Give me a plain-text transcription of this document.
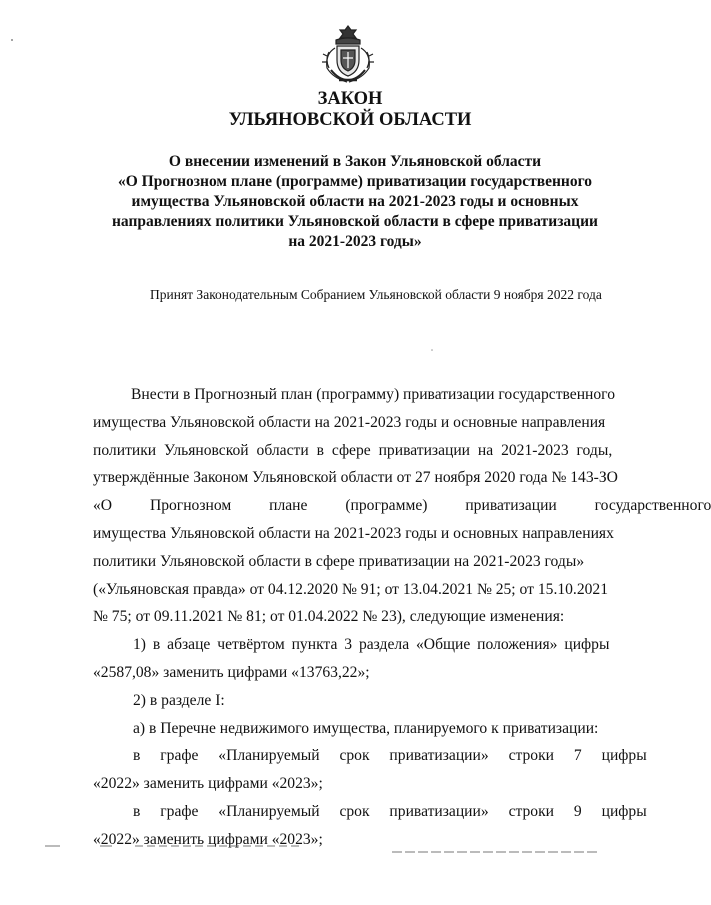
ЗАКОН
УЛЬЯНОВСКОЙ ОБЛАСТИ
О внесении изменений в Закон Ульяновской области
«О Прогнозном плане (программе) приватизации государственного
имущества Ульяновской области на 2021-2023 годы и основных
направлениях политики Ульяновской области в сфере приватизации
на 2021-2023 годы»
Принят Законодательным Собранием Ульяновской области 9 ноября 2022 года
Внести в Прогнозный план (программу) приватизации государственного
имущества Ульяновской области на 2021-2023 годы и основные направления
политики Ульяновской области в сфере приватизации на 2021-2023 годы,
утверждённые Законом Ульяновской области от 27 ноября 2020 года № 143-ЗО
«О Прогнозном плане (программе) приватизации государственного
имущества Ульяновской области на 2021-2023 годы и основных направлениях
политики Ульяновской области в сфере приватизации на 2021-2023 годы»
(«Ульяновская правда» от 04.12.2020 № 91; от 13.04.2021 № 25; от 15.10.2021
№ 75; от 09.11.2021 № 81; от 01.04.2022 № 23), следующие изменения:
1) в абзаце четвёртом пункта 3 раздела «Общие положения» цифры
«2587,08» заменить цифрами «13763,22»;
2) в разделе I:
а) в Перечне недвижимого имущества, планируемого к приватизации:
в графе «Планируемый срок приватизации» строки 7 цифры
«2022» заменить цифрами «2023»;
в графе «Планируемый срок приватизации» строки 9 цифры
«2022» заменить цифрами «2023»;
